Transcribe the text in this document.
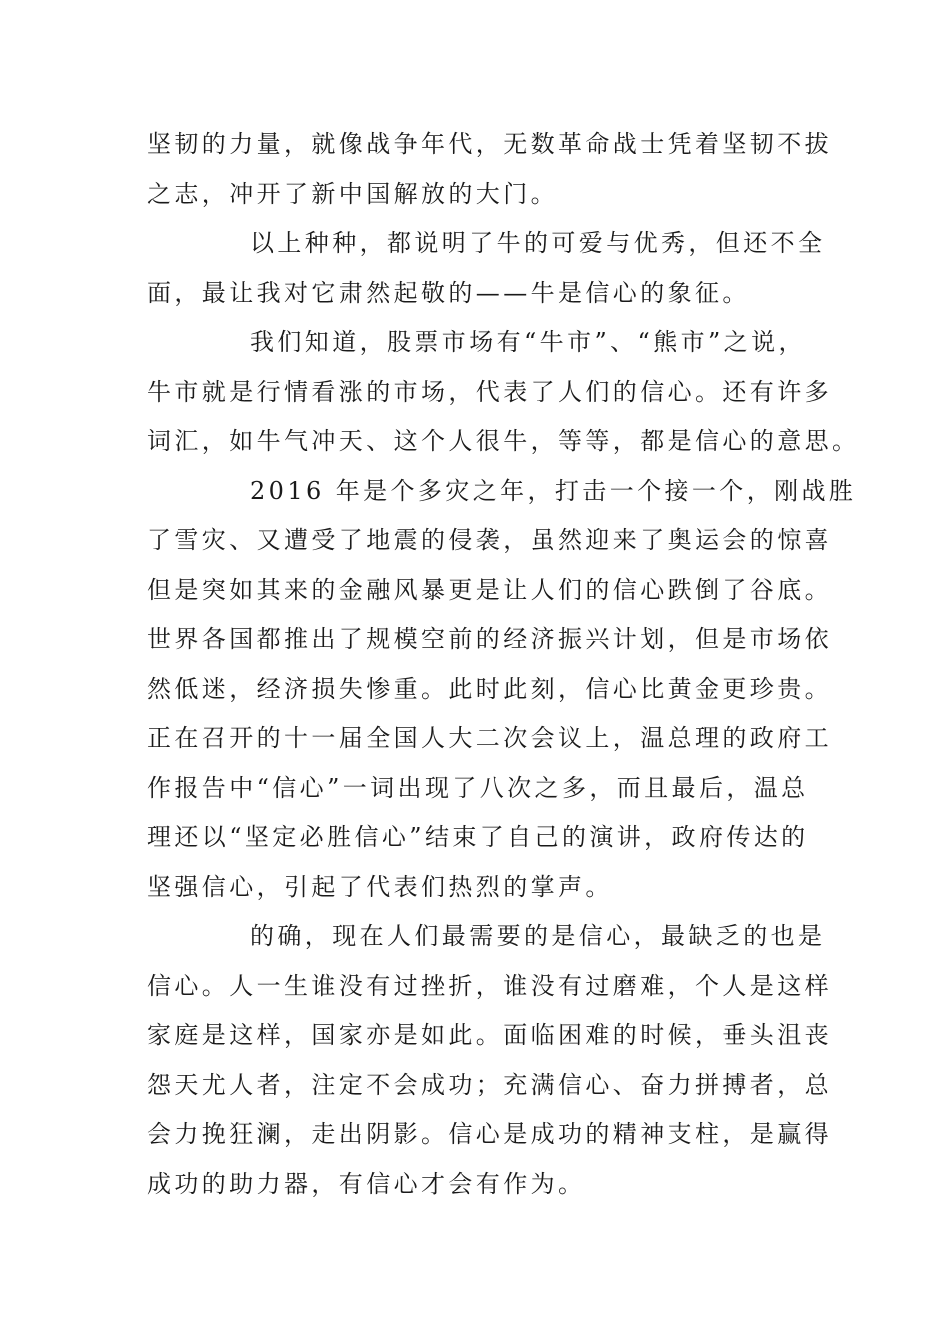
坚韧的力量，就像战争年代，无数革命战士凭着坚韧不拔
之志，冲开了新中国解放的大门。
以上种种，都说明了牛的可爱与优秀，但还不全
面，最让我对它肃然起敬的——牛是信心的象征。
我们知道，股票市场有“牛市”、“熊市”之说，
牛市就是行情看涨的市场，代表了人们的信心。还有许多
词汇，如牛气冲天、这个人很牛，等等，都是信心的意思。
2016 年是个多灾之年，打击一个接一个，刚战胜
了雪灾、又遭受了地震的侵袭，虽然迎来了奥运会的惊喜
但是突如其来的金融风暴更是让人们的信心跌倒了谷底。
世界各国都推出了规模空前的经济振兴计划，但是市场依
然低迷，经济损失惨重。此时此刻，信心比黄金更珍贵。
正在召开的十一届全国人大二次会议上，温总理的政府工
作报告中“信心”一词出现了八次之多，而且最后，温总
理还以“坚定必胜信心”结束了自己的演讲，政府传达的
坚强信心，引起了代表们热烈的掌声。
的确，现在人们最需要的是信心，最缺乏的也是
信心。人一生谁没有过挫折，谁没有过磨难，个人是这样
家庭是这样，国家亦是如此。面临困难的时候，垂头沮丧
怨天尤人者，注定不会成功；充满信心、奋力拼搏者，总
会力挽狂澜，走出阴影。信心是成功的精神支柱，是赢得
成功的助力器，有信心才会有作为。
